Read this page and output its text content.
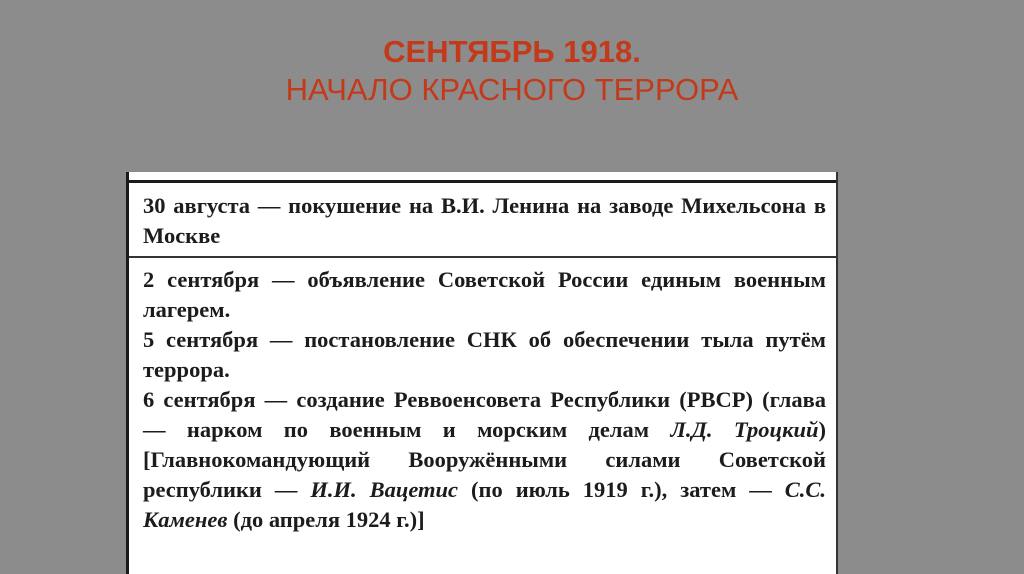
СЕНТЯБРЬ 1918.
НАЧАЛО КРАСНОГО ТЕРРОРА
30 августа — покушение на В.И. Ленина на заводе Михельсона в Москве
2 сентября — объявление Советской России единым военным лагерем.
5 сентября — постановление СНК об обеспечении тыла путём террора.
6 сентября — создание Реввоенсовета Республики (РВСР) (глава — нарком по военным и морским делам Л.Д. Троцкий) [Главнокомандующий Вооружёнными силами Советской республики — И.И. Вацетис (по июль 1919 г.), затем — С.С. Каменев (до апреля 1924 г.)]
